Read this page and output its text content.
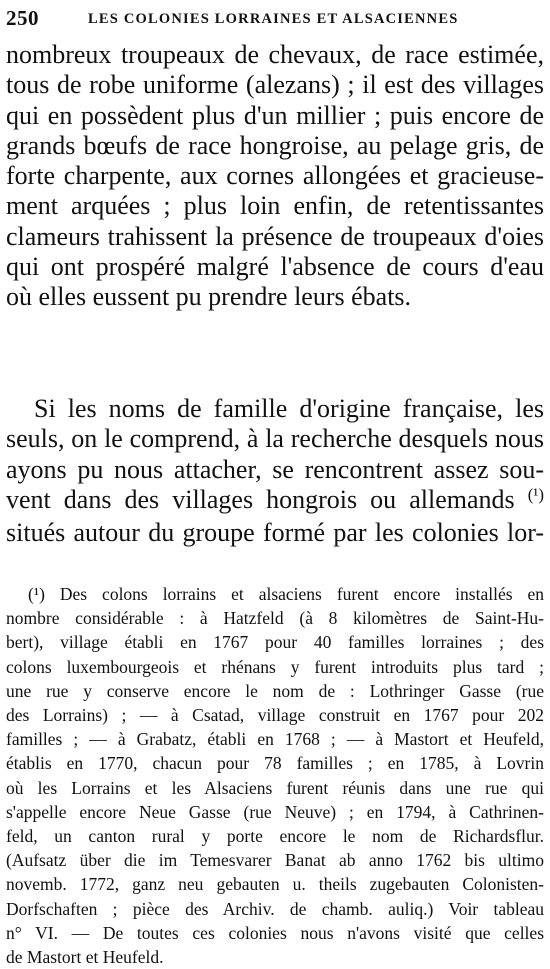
250	LES COLONIES LORRAINES ET ALSACIENNES
nombreux troupeaux de chevaux, de race estimée,
tous de robe uniforme (alezans) ; il est des villages
qui en possèdent plus d'un millier ; puis encore de
grands bœufs de race hongroise, au pelage gris, de
forte charpente, aux cornes allongées et gracieuse-
ment arquées ; plus loin enfin, de retentissantes
clameurs trahissent la présence de troupeaux d'oies
qui ont prospéré malgré l'absence de cours d'eau
où elles eussent pu prendre leurs ébats.
Si les noms de famille d'origine française, les
seuls, on le comprend, à la recherche desquels nous
ayons pu nous attacher, se rencontrent assez sou-
vent dans des villages hongrois ou allemands $^{(^1)}$
situés autour du groupe formé par les colonies lor-
(¹) Des colons lorrains et alsaciens furent encore installés en
nombre considérable : à Hatzfeld (à 8 kilomètres de Saint-Hu-
bert), village établi en 1767 pour 40 familles lorraines ; des
colons luxembourgeois et rhénans y furent introduits plus tard ;
une rue y conserve encore le nom de : Lothringer Gasse (rue
des Lorrains) ; — à Csatad, village construit en 1767 pour 202
familles ; — à Grabatz, établi en 1768 ; — à Mastort et Heufeld,
établis en 1770, chacun pour 78 familles ; en 1785, à Lovrin
où les Lorrains et les Alsaciens furent réunis dans une rue qui
s'appelle encore Neue Gasse (rue Neuve) ; en 1794, à Cathrinen-
feld, un canton rural y porte encore le nom de Richardsflur.
(Aufsatz über die im Temesvarer Banat ab anno 1762 bis ultimo
novemb. 1772, ganz neu gebauten u. theils zugebauten Colonisten-
Dorfschaften ; pièce des Archiv. de chamb. auliq.) Voir tableau
n° VI. — De toutes ces colonies nous n'avons visité que celles
de Mastort et Heufeld.
